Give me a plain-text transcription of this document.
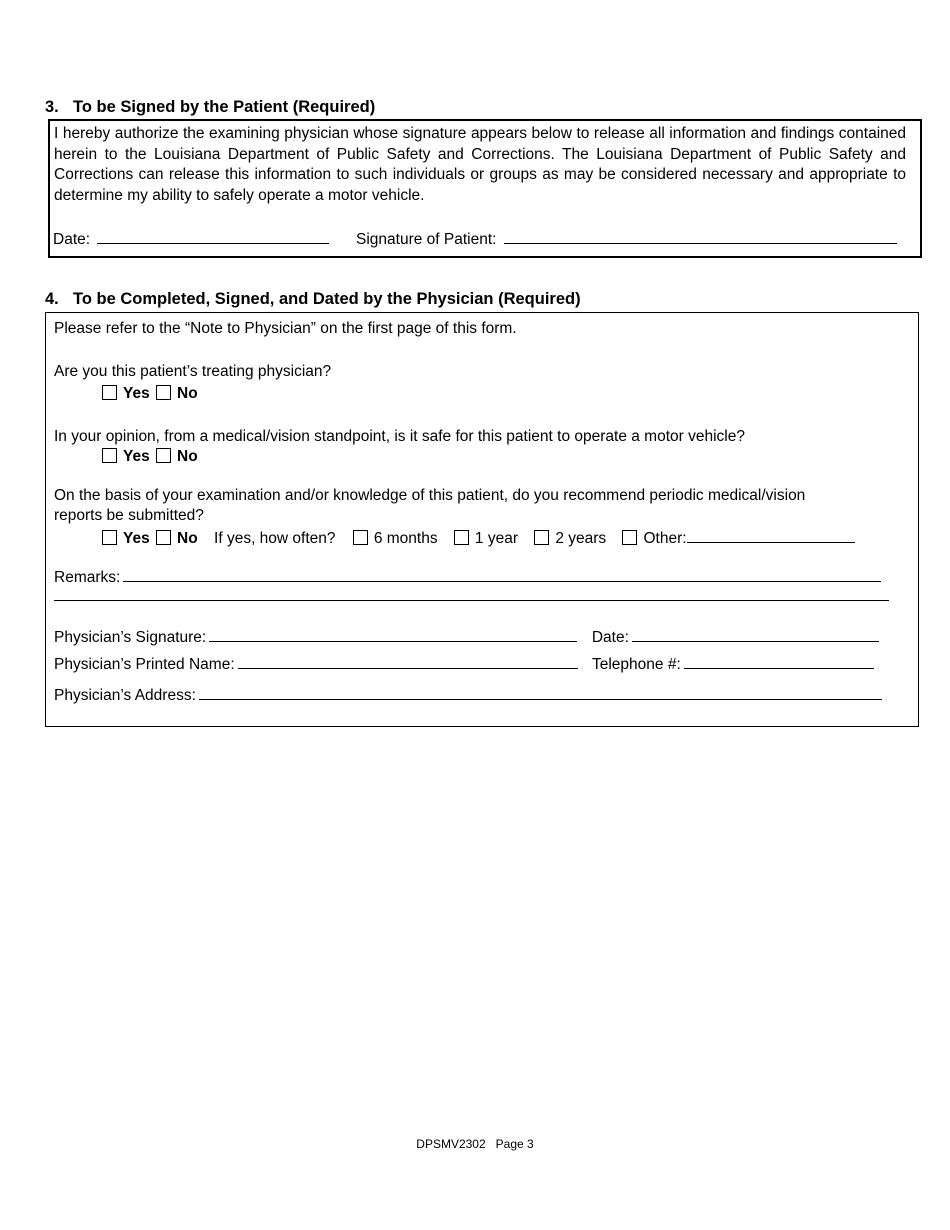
3. To be Signed by the Patient (Required)
I hereby authorize the examining physician whose signature appears below to release all information and findings contained herein to the Louisiana Department of Public Safety and Corrections. The Louisiana Department of Public Safety and Corrections can release this information to such individuals or groups as may be considered necessary and appropriate to determine my ability to safely operate a motor vehicle.
Date:	Signature of Patient:
4. To be Completed, Signed, and Dated by the Physician (Required)
Please refer to the “Note to Physician” on the first page of this form.
Are you this patient’s treating physician?
Yes No
In your opinion, from a medical/vision standpoint, is it safe for this patient to operate a motor vehicle?
Yes No
On the basis of your examination and/or knowledge of this patient, do you recommend periodic medical/vision
reports be submitted?
Yes No If yes, how often? 6 months 1 year 2 years Other:
Remarks:
Physician’s Signature:	Date:
Physician’s Printed Name:	Telephone #:
Physician’s Address:
DPSMV2302 Page 3
